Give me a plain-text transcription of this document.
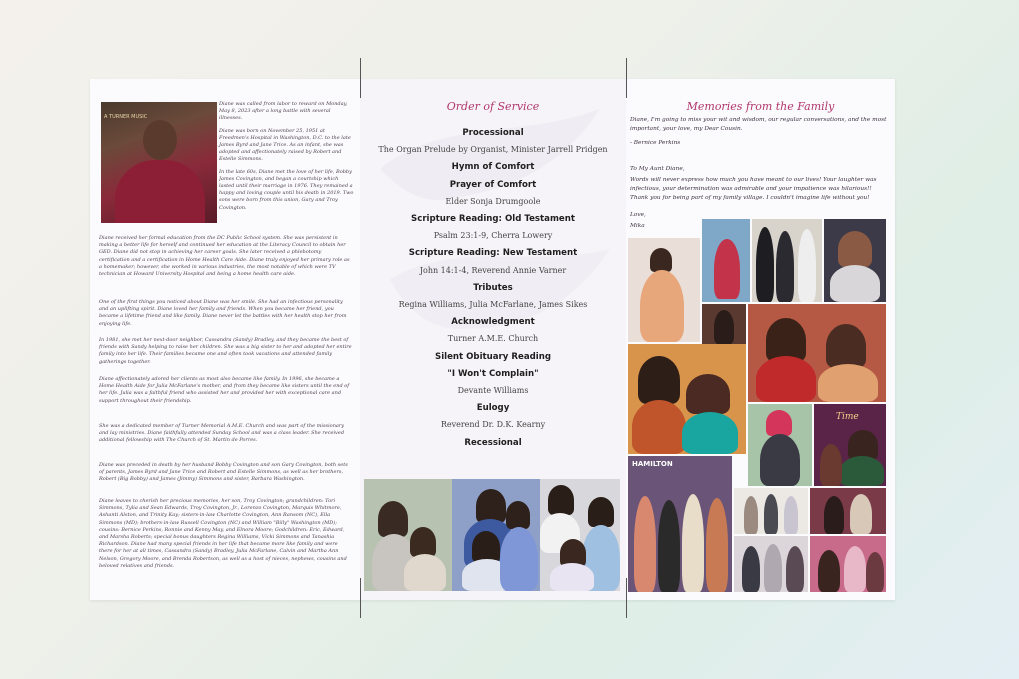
A TURNER MUSIC

Diane was called from labor to reward on Monday, May 8, 2023 after a long battle with several illnesses.

Diane was born on November 25, 1951 at Freedmen's Hospital in Washington, D.C. to the late James Byrd and Jane Trice. As an infant, she was adopted and affectionately raised by Robert and Estelle Simmons.

In the late 60s, Diane met the love of her life, Bobby James Covington, and began a courtship which lasted until their marriage in 1976. They remained a happy and loving couple until his death in 2019. Two sons were born from this union, Gary and Troy Covington.

Diane received her formal education from the DC Public School system. She was persistent in making a better life for herself and continued her education at the Literacy Council to obtain her GED. Diane did not stop in achieving her career goals. She later received a phlebotomy certification and a certification in Home Health Care Aide. Diane truly enjoyed her primary role as a homemaker; however, she worked in various industries, the most notable of which were TV technician at Howard University Hospital and being a home health care aide.

One of the first things you noticed about Diane was her smile. She had an infectious personality and an uplifting spirit. Diane loved her family and friends. When you became her friend, you became a lifetime friend and like family. Diane never let the battles with her health stop her from enjoying life.

In 1981, she met her next-door neighbor, Cassandra (Sandy) Bradley, and they became the best of friends with Sandy helping to raise her children. She was a big sister to her and adopted her entire family into her life. Their families became one and often took vacations and attended family gatherings together.

Diane affectionately adored her clients as most also became like family. In 1996, she became a Home Health Aide for Julia McFarlane's mother, and from they became like sisters until the end of her life. Julia was a faithful friend who assisted her and provided her with exceptional care and support throughout their friendship.

She was a dedicated member of Turner Memorial A.M.E. Church and was part of the missionary and lay ministries. Diane faithfully attended Sunday School and was a class leader. She received additional fellowship with The Church of St. Martin de Porres.

Diane was preceded in death by her husband Bobby Covington and son Gary Covington, both sets of parents, James Byrd and Jane Trice and Robert and Estelle Simmons, as well as her brothers, Robert (Big Bobby) and James (Jimmy) Simmons and sister, Barbara Washington.

Diane leaves to cherish her precious memories, her son, Troy Covington; grandchildren: Tori Simmons, Tylia and Sean Edwards, Troy Covington, Jr., Lorenzo Covington, Marquis Whitmore, Ashanti Alston, and Trinity Kay; sisters-in-law Charlotte Covington, Ann Ransom (NC), Ella Simmons (MD); brothers-in-law Russell Covington (NC) and William "Billy" Washington (MD); cousins: Bernice Perkins, Ronnie and Kenny May, and Elnora Moore; Godchildren: Eric, Edward, and Marsha Roberts; special bonus daughters Regina Williams, Vicki Simmons and Tanashia Richardson. Diane had many special friends in her life that became more like family and were there for her at all times, Cassandra (Sandy) Bradley, Julia McFarlane, Calvin and Martha Ann Nelson, Gregory Moore, and Brenda Robertson, as well as a host of nieces, nephews, cousins and beloved relatives and friends.

Order of Service

Processional

The Organ Prelude by Organist, Minister Jarrell Pridgen

Hymn of Comfort

Prayer of Comfort

Elder Sonja Drumgoole

Scripture Reading: Old Testament

Psalm 23:1-9, Cherra Lowery

Scripture Reading: New Testament

John 14:1-4, Reverend Annie Varner

Tributes

Regina Williams, Julia McFarlane, James Sikes

Acknowledgment

Turner A.M.E. Church

Silent Obituary Reading

"I Won't Complain"

Devante Williams

Eulogy

Reverend Dr. D.K. Kearny

Recessional

Memories from the Family

Diane, I'm going to miss your wit and wisdom, our regular conversations, and the most important, your love, my Dear Cousin.

- Bernice Perkins

To My Aunt Diane,

Words will never express how much you have meant to our lives! Your laughter was infectious, your determination was admirable and your impatience was hilarious!! Thank you for being part of my family village. I couldn't imagine life without you!

Love,

Mika

Time
HAMILTON
